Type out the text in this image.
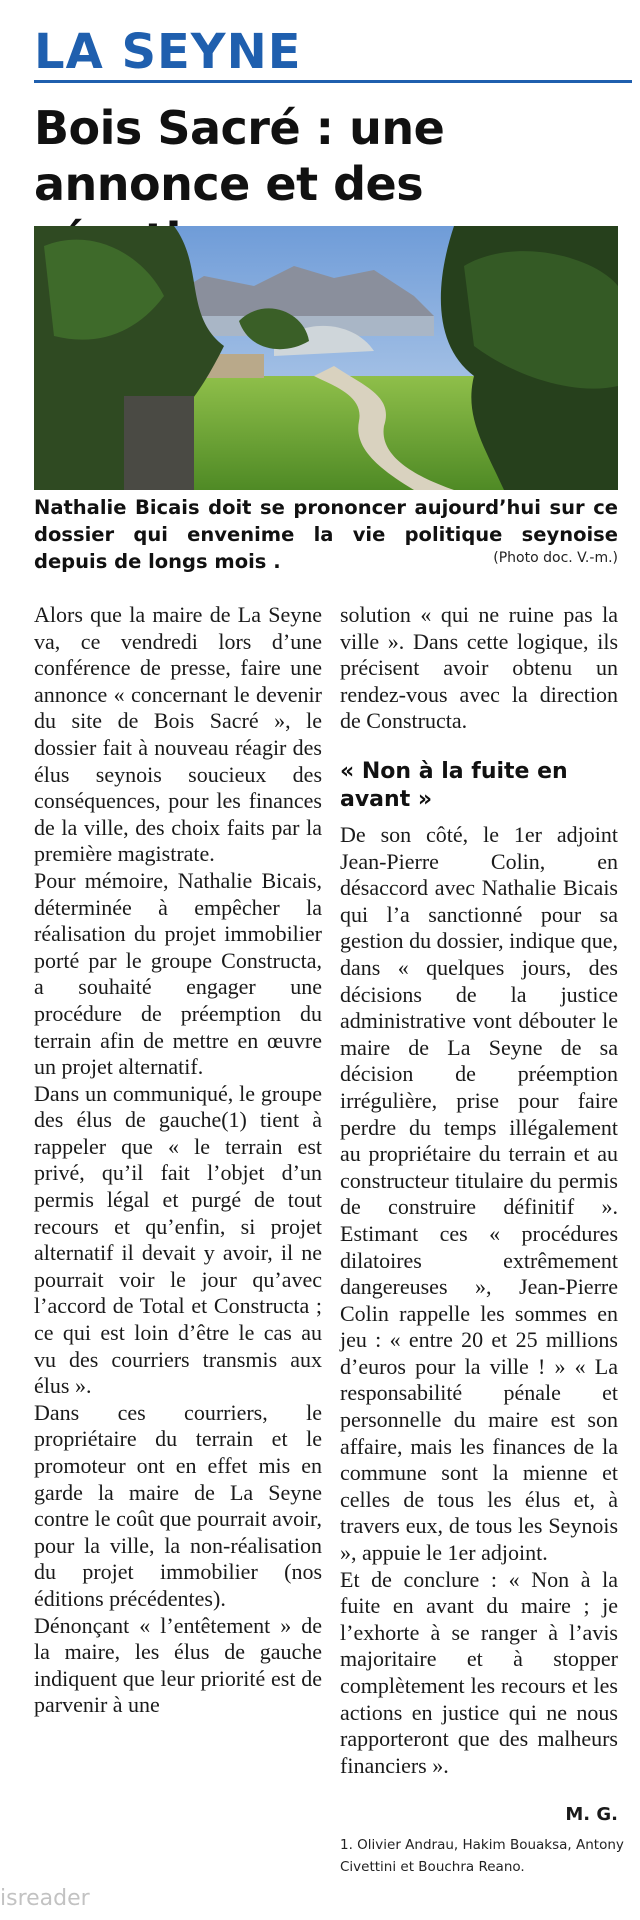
LA SEYNE
Bois Sacré : une annonce et des
Nathalie Bicais doit se prononcer aujourd’hui sur ce dossier qui envenime la vie politique seynoise depuis de longs mois .	(Photo doc. V.-m.)

Alors que la maire de La Seyne va, ce vendredi lors d’une conférence de presse, faire une annonce « concernant le devenir du site de Bois Sacré », le dossier fait à nouveau réagir des élus seynois soucieux des conséquences, pour les finances de la ville, des choix faits par la première magistrate.

Pour mémoire, Nathalie Bicais, déterminée à empêcher la réalisation du projet immobilier porté par le groupe Constructa, a souhaité engager une procédure de préemption du terrain afin de mettre en œuvre un projet alternatif.

Dans un communiqué, le groupe des élus de gauche(1) tient à rappeler que « le terrain est privé, qu’il fait l’objet d’un permis légal et purgé de tout recours et qu’enfin, si projet alternatif il devait y avoir, il ne pourrait voir le jour qu’avec l’accord de Total et Constructa ; ce qui est loin d’être le cas au vu des courriers transmis aux élus ».

Dans ces courriers, le propriétaire du terrain et le promoteur ont en effet mis en garde la maire de La Seyne contre le coût que pourrait avoir, pour la ville, la non-réalisation du projet immobilier (nos éditions précédentes).

Dénonçant « l’entêtement » de la maire, les élus de gauche indiquent que leur priorité est de parvenir à une

solution « qui ne ruine pas la ville ». Dans cette logique, ils précisent avoir obtenu un rendez-vous avec la direction de Constructa.

« Non à la fuite en avant »

De son côté, le 1er adjoint Jean-Pierre Colin, en désaccord avec Nathalie Bicais qui l’a sanctionné pour sa gestion du dossier, indique que, dans « quelques jours, des décisions de la justice administrative vont débouter le maire de La Seyne de sa décision de préemption irrégulière, prise pour faire perdre du temps illégalement au propriétaire du terrain et au constructeur titulaire du permis de construire définitif ». Estimant ces « procédures dilatoires extrêmement dangereuses », Jean-Pierre Colin rappelle les sommes en jeu : « entre 20 et 25 millions d’euros pour la ville ! » « La responsabilité pénale et personnelle du maire est son affaire, mais les finances de la commune sont la mienne et celles de tous les élus et, à travers eux, de tous les Seynois », appuie le 1er adjoint.

Et de conclure : « Non à la fuite en avant du maire ; je l’exhorte à se ranger à l’avis majoritaire et à stopper complètement les recours et les actions en justice qui ne nous rapporteront que des malheurs financiers ».

M. G.
1. Olivier Andrau, Hakim Bouaksa, Antony Civettini et Bouchra Reano.
isreader
